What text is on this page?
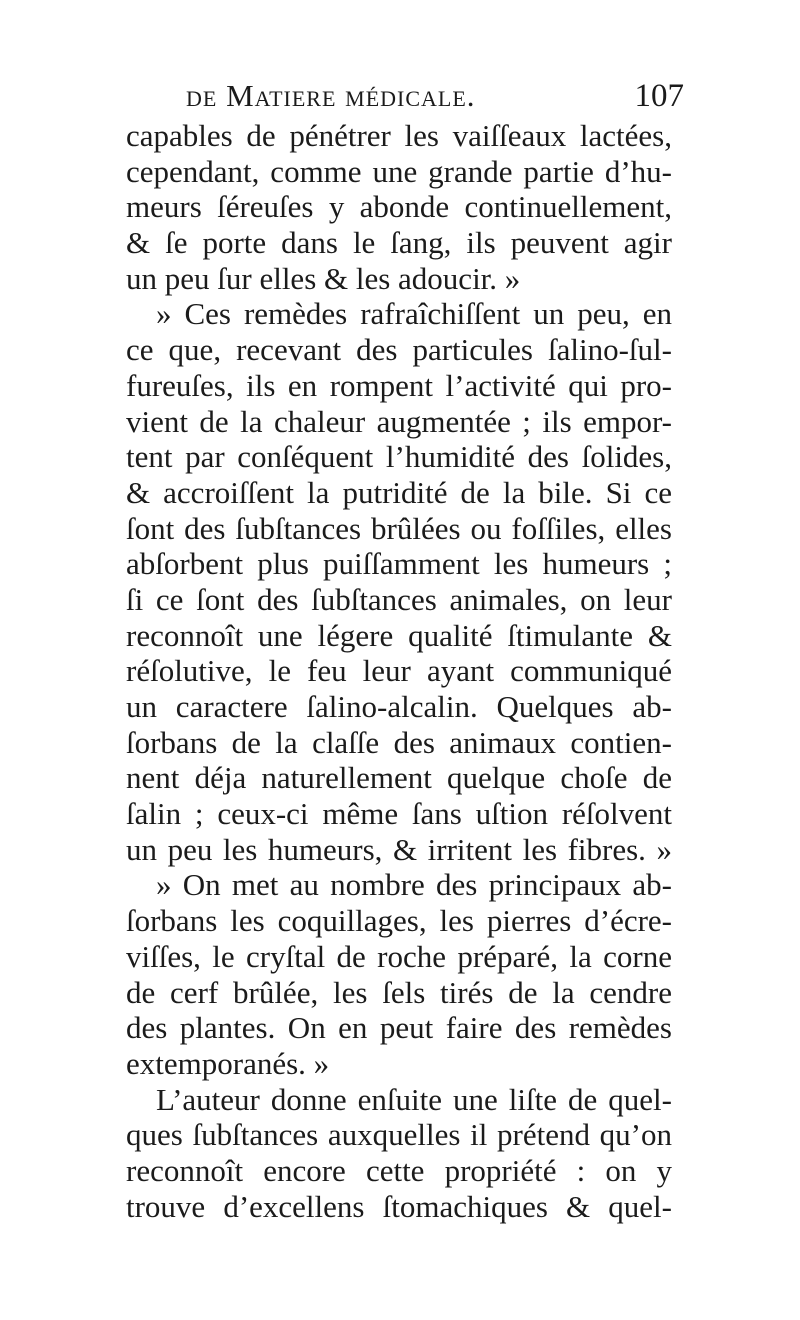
de Matiere médicale.	107
capables de pénétrer les vaiſſeaux lactées,
cependant, comme une grande partie d’hu-
meurs ſéreuſes y abonde continuellement,
& ſe porte dans le ſang, ils peuvent agir
un peu ſur elles & les adoucir. »
» Ces remèdes rafraîchiſſent un peu, en
ce que, recevant des particules ſalino-ſul-
fureuſes, ils en rompent l’activité qui pro-
vient de la chaleur augmentée ; ils empor-
tent par conſéquent l’humidité des ſolides,
& accroiſſent la putridité de la bile. Si ce
ſont des ſubſtances brûlées ou foſſiles, elles
abſorbent plus puiſſamment les humeurs ;
ſi ce ſont des ſubſtances animales, on leur
reconnoît une légere qualité ſtimulante &
réſolutive, le feu leur ayant communiqué
un caractere ſalino-alcalin. Quelques ab-
ſorbans de la claſſe des animaux contien-
nent déja naturellement quelque choſe de
ſalin ; ceux-ci même ſans uſtion réſolvent
un peu les humeurs, & irritent les fibres. »
» On met au nombre des principaux ab-
ſorbans les coquillages, les pierres d’écre-
viſſes, le cryſtal de roche préparé, la corne
de cerf brûlée, les ſels tirés de la cendre
des plantes. On en peut faire des remèdes
extemporanés. »
L’auteur donne enſuite une liſte de quel-
ques ſubſtances auxquelles il prétend qu’on
reconnoît encore cette propriété : on y
trouve d’excellens ſtomachiques & quel-
